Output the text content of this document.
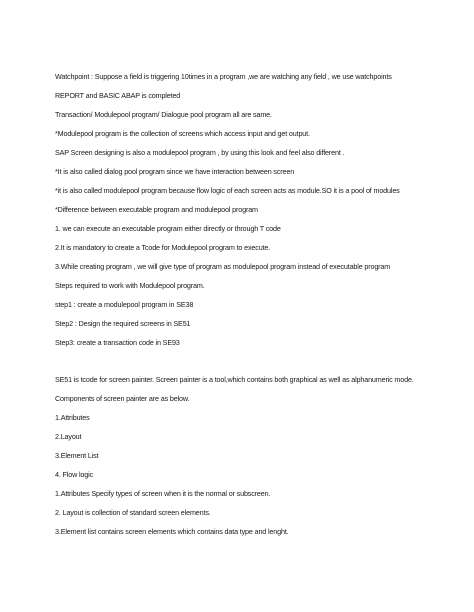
Watchpoint : Suppose a field is triggering 10times in a program ,we are watching any field , we use watchpoints

REPORT and BASIC ABAP is completed

Transaction/ Modulepool program/ Dialogue pool program all are same.

*Modulepool program is the collection of screens which access input and get output.

SAP Screen designing is also a modulepool program , by using this look and feel also different .

*It is also called dialog pool program since we have interaction between screen

*it is also called modulepool program because flow logic of each screen acts as module.SO it is a pool of modules

*Difference between executable program and modulepool program

1. we can execute an executable program either directly or through T code

2.It is mandatory to create a Tcode for Modulepool program to execute.

3.While creating program , we will give type of program as modulepool program instead of executable program

Steps required to work with Modulepool program.

step1 : create a modulepool program in SE38

Step2 : Design the required screens in SE51

Step3: create a transaction code in SE93

SE51 is tcode for screen painter. Screen painter is a tool,which contains both graphical as well as alphanumeric mode.

Components of screen painter are as below.

1.Attributes

2.Layout

3.Element List

4. Flow logic

1.Attributes Specify types of screen when it is the normal or subscreen.

2. Layout is collection of standard screen elements.

3.Element list contains screen elements which contains data type and lenght.
